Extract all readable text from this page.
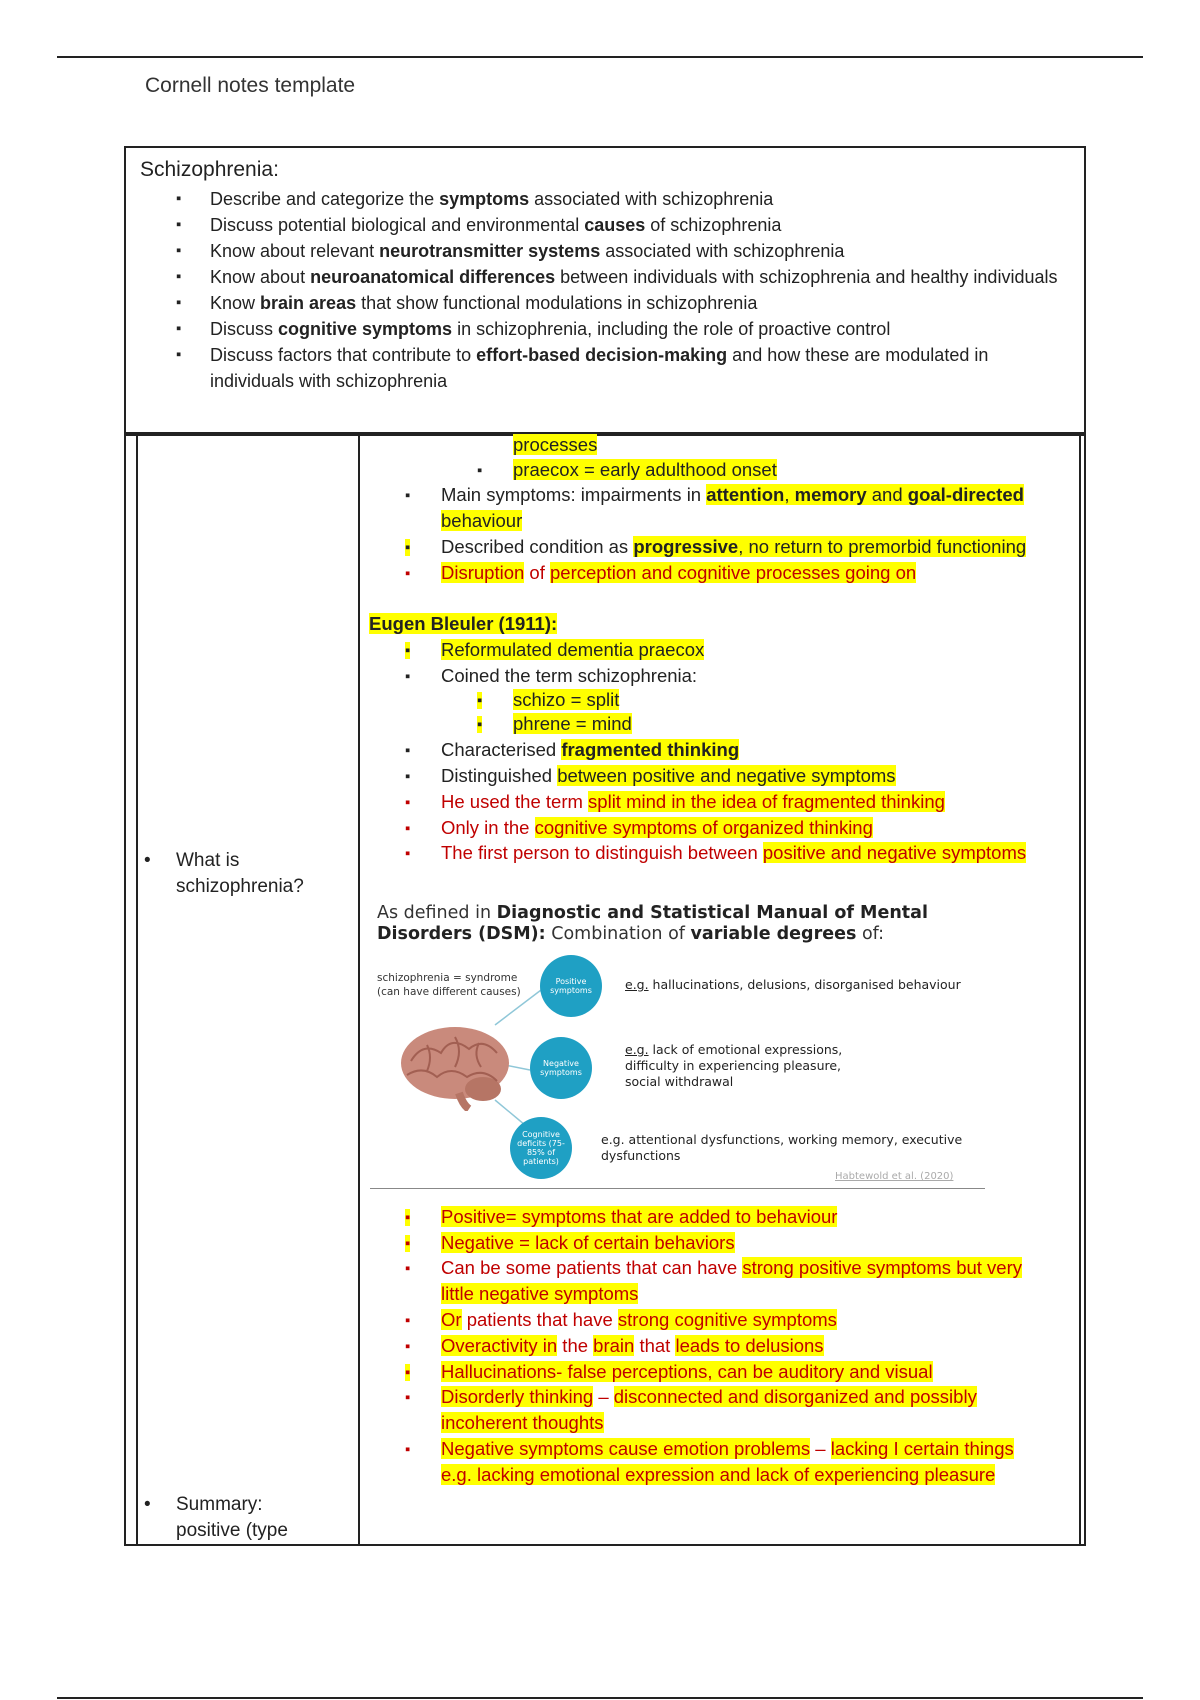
Cornell notes template
Schizophrenia:
▪ Describe and categorize the symptoms associated with schizophrenia
▪ Discuss potential biological and environmental causes of schizophrenia
▪ Know about relevant neurotransmitter systems associated with schizophrenia
▪ Know about neuroanatomical differences between individuals with schizophrenia and healthy individuals
▪ Know brain areas that show functional modulations in schizophrenia
▪ Discuss cognitive symptoms in schizophrenia, including the role of proactive control
▪ Discuss factors that contribute to effort-based decision-making and how these are modulated in individuals with schizophrenia
• What is schizophrenia?
• Summary: positive (type
processes
▪ praecox = early adulthood onset
▪ Main symptoms: impairments in attention, memory and goal-directed
behaviour
▪ Described condition as progressive, no return to premorbid functioning
▪ Disruption of perception and cognitive processes going on
Eugen Bleuler (1911):
▪ Reformulated dementia praecox
▪ Coined the term schizophrenia:
▪ schizo = split
▪ phrene = mind
▪ Characterised fragmented thinking
▪ Distinguished between positive and negative symptoms
▪ He used the term split mind in the idea of fragmented thinking
▪ Only in the cognitive symptoms of organized thinking
▪ The first person to distinguish between positive and negative symptoms
As defined in Diagnostic and Statistical Manual of Mental
Disorders (DSM): Combination of variable degrees of:
schizophrenia = syndrome (can have different causes)
Positive symptoms
Negative symptoms
Cognitive deficits (75-85% of patients)
e.g. hallucinations, delusions, disorganised behaviour
e.g. lack of emotional expressions,
difficulty in experiencing pleasure,
social withdrawal
e.g. attentional dysfunctions, working memory, executive
dysfunctions
Habtewold et al. (2020)
▪ Positive= symptoms that are added to behaviour
▪ Negative = lack of certain behaviors
▪ Can be some patients that can have strong positive symptoms but very
little negative symptoms
▪ Or patients that have strong cognitive symptoms
▪ Overactivity in the brain that leads to delusions
▪ Hallucinations- false perceptions, can be auditory and visual
▪ Disorderly thinking – disconnected and disorganized and possibly
incoherent thoughts
▪ Negative symptoms cause emotion problems – lacking I certain things
e.g. lacking emotional expression and lack of experiencing pleasure
